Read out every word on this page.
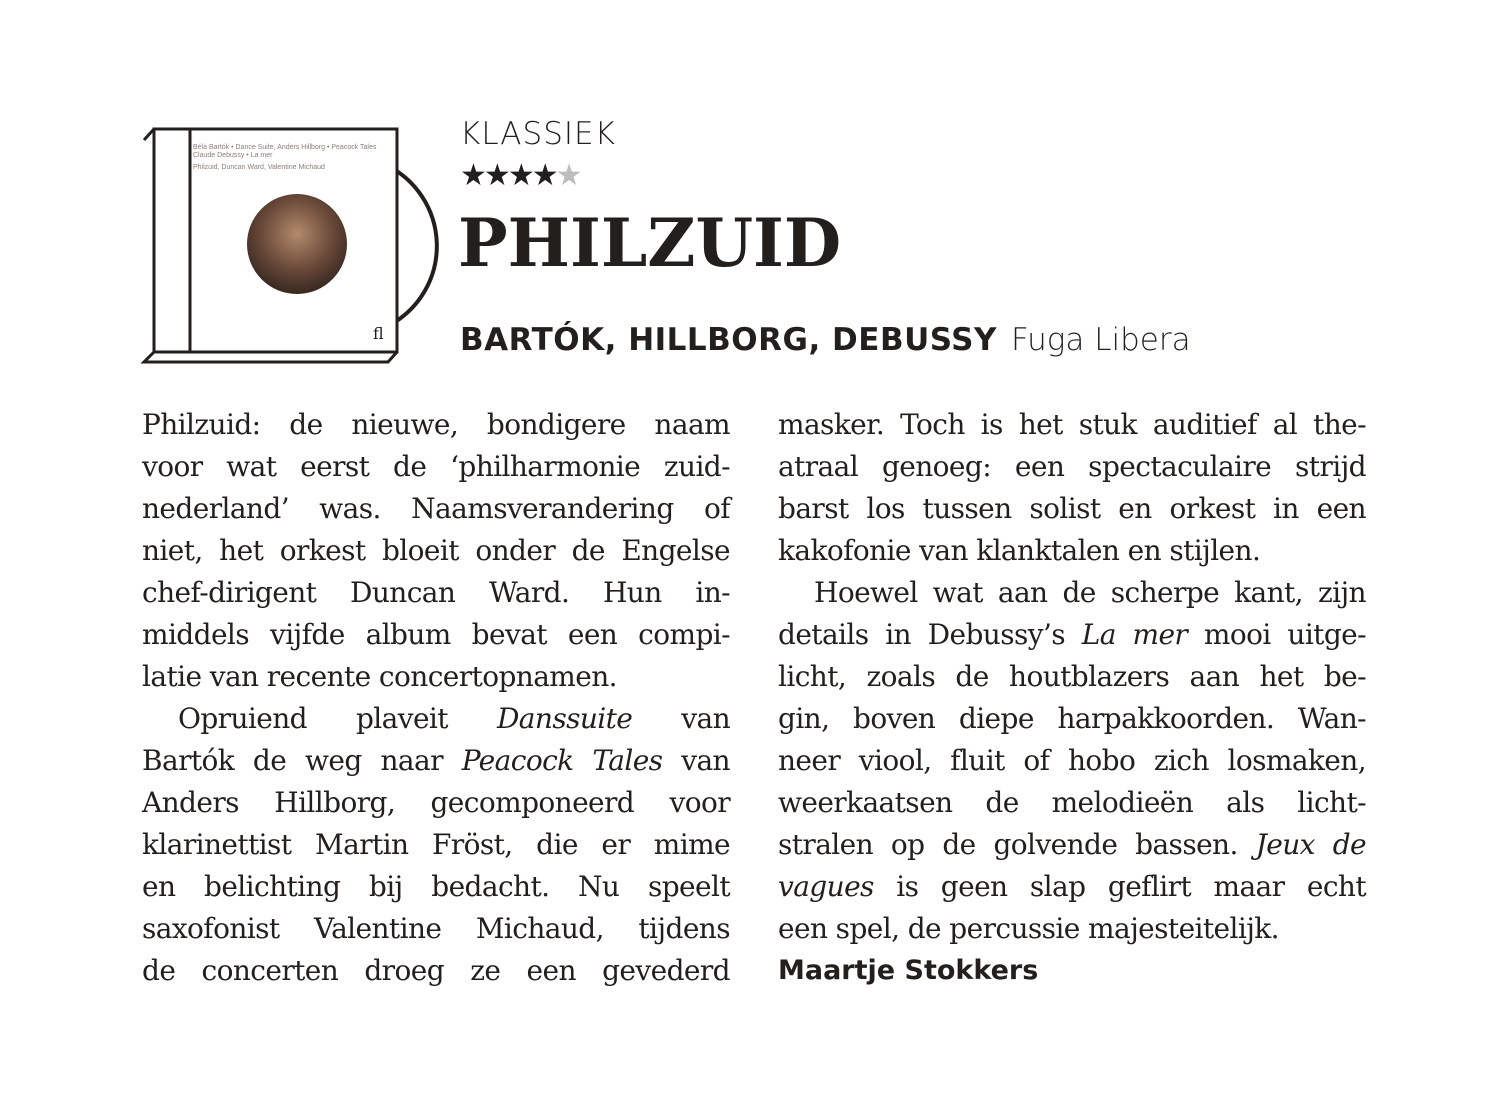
Béla Bartók • Dance Suite, Anders Hillborg • Peacock Tales
Claude Debussy • La mer
Philzuid, Duncan Ward, Valentine Michaud
fl
KLASSIEK
★★★★★
PHILZUID
BARTÓK, HILLBORG, DEBUSSY Fuga Libera
Philzuid: de nieuwe, bondigere naam
voor wat eerst de ‘philharmonie zuid-
nederland’ was. Naamsverandering of
niet, het orkest bloeit onder de Engelse
chef-dirigent Duncan Ward. Hun in-
middels vijfde album bevat een compi-
latie van recente concertopnamen.
Opruiend plaveit Danssuite van
Bartók de weg naar Peacock Tales van
Anders Hillborg, gecomponeerd voor
klarinettist Martin Fröst, die er mime
en belichting bij bedacht. Nu speelt
saxofonist Valentine Michaud, tijdens
de concerten droeg ze een gevederd
masker. Toch is het stuk auditief al the-
atraal genoeg: een spectaculaire strijd
barst los tussen solist en orkest in een
kakofonie van klanktalen en stijlen.
Hoewel wat aan de scherpe kant, zijn
details in Debussy’s La mer mooi uitge-
licht, zoals de houtblazers aan het be-
gin, boven diepe harpakkoorden. Wan-
neer viool, fluit of hobo zich losmaken,
weerkaatsen de melodieën als licht-
stralen op de golvende bassen. Jeux de
vagues is geen slap geflirt maar echt
een spel, de percussie majesteitelijk.
Maartje Stokkers
